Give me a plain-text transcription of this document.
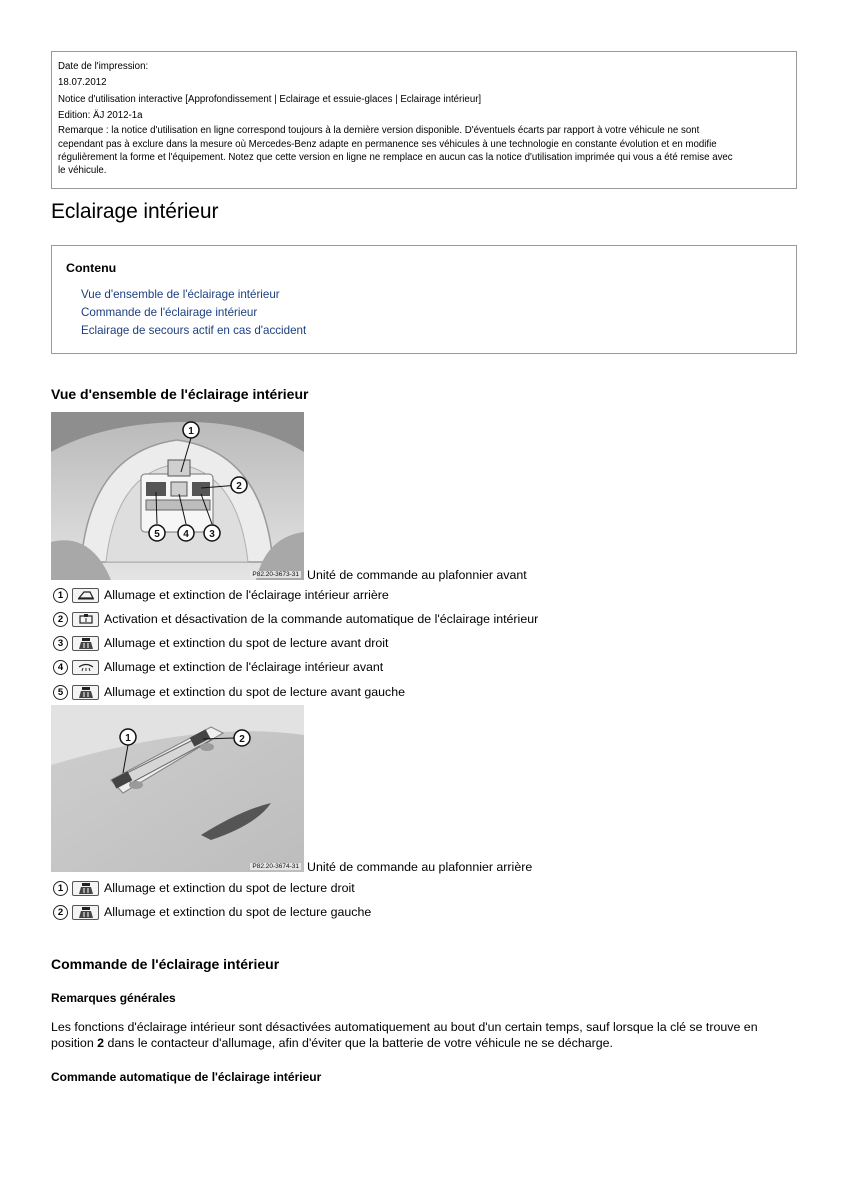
Date de l'impression:

18.07.2012

Notice d'utilisation interactive [Approfondissement | Eclairage et essuie-glaces | Eclairage intérieur]

Edition: ÄJ 2012-1a

Remarque : la notice d'utilisation en ligne correspond toujours à la dernière version disponible. D'éventuels écarts par rapport à votre véhicule ne sont

cependant pas à exclure dans la mesure où Mercedes-Benz adapte en permanence ses véhicules à une technologie en constante évolution et en modifie

régulièrement la forme et l'équipement. Notez que cette version en ligne ne remplace en aucun cas la notice d'utilisation imprimée qui vous a été remise avec

le véhicule.

Eclairage intérieur
Contenu
Vue d'ensemble de l'éclairage intérieur
Commande de l'éclairage intérieur
Eclairage de secours actif en cas d'accident
Vue d'ensemble de l'éclairage intérieur
1
2
3
4
5
P82.20-3673-31 Unité de commande au plafonnier avant
1	Allumage et extinction de l'éclairage intérieur arrière
2	Activation et désactivation de la commande automatique de l'éclairage intérieur
3	Allumage et extinction du spot de lecture avant droit
4	Allumage et extinction de l'éclairage intérieur avant
5	Allumage et extinction du spot de lecture avant gauche
1	2
P82.20-3674-31 Unité de commande au plafonnier arrière
1	Allumage et extinction du spot de lecture droit
2	Allumage et extinction du spot de lecture gauche
Commande de l'éclairage intérieur
Remarques générales

Les fonctions d'éclairage intérieur sont désactivées automatiquement au bout d'un certain temps, sauf lorsque la clé se trouve en position 2 dans le contacteur d'allumage, afin d'éviter que la batterie de votre véhicule ne se décharge.

Commande automatique de l'éclairage intérieur
